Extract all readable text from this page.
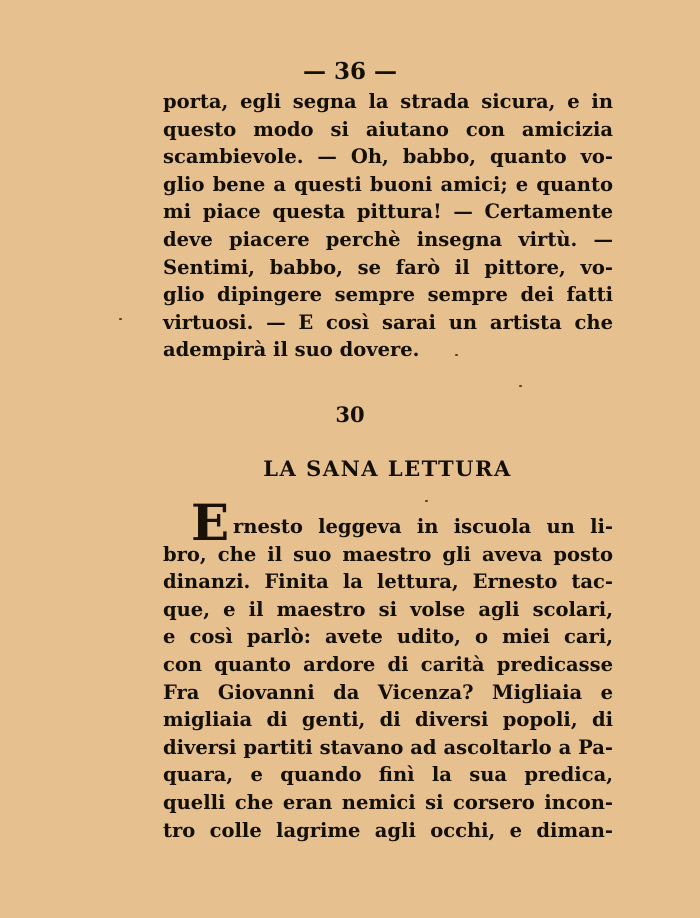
— 36 —
porta, egli segna la strada sicura, e in
questo modo si aiutano con amicizia
scambievole. — Oh, babbo, quanto vo-
glio bene a questi buoni amici; e quanto
mi piace questa pittura! — Certamente
deve piacere perchè insegna virtù. —
Sentimi, babbo, se farò il pittore, vo-
glio dipingere sempre sempre dei fatti
virtuosi. — E così sarai un artista che
adempirà il suo dovere.
30
LA SANA LETTURA
E rnesto leggeva in iscuola un li-
bro, che il suo maestro gli aveva posto
dinanzi. Finita la lettura, Ernesto tac-
que, e il maestro si volse agli scolari,
e così parlò: avete udito, o miei cari,
con quanto ardore di carità predicasse
Fra Giovanni da Vicenza? Migliaia e
migliaia di genti, di diversi popoli, di
diversi partiti stavano ad ascoltarlo a Pa-
quara, e quando finì la sua predica,
quelli che eran nemici si corsero incon-
tro colle lagrime agli occhi, e diman-
